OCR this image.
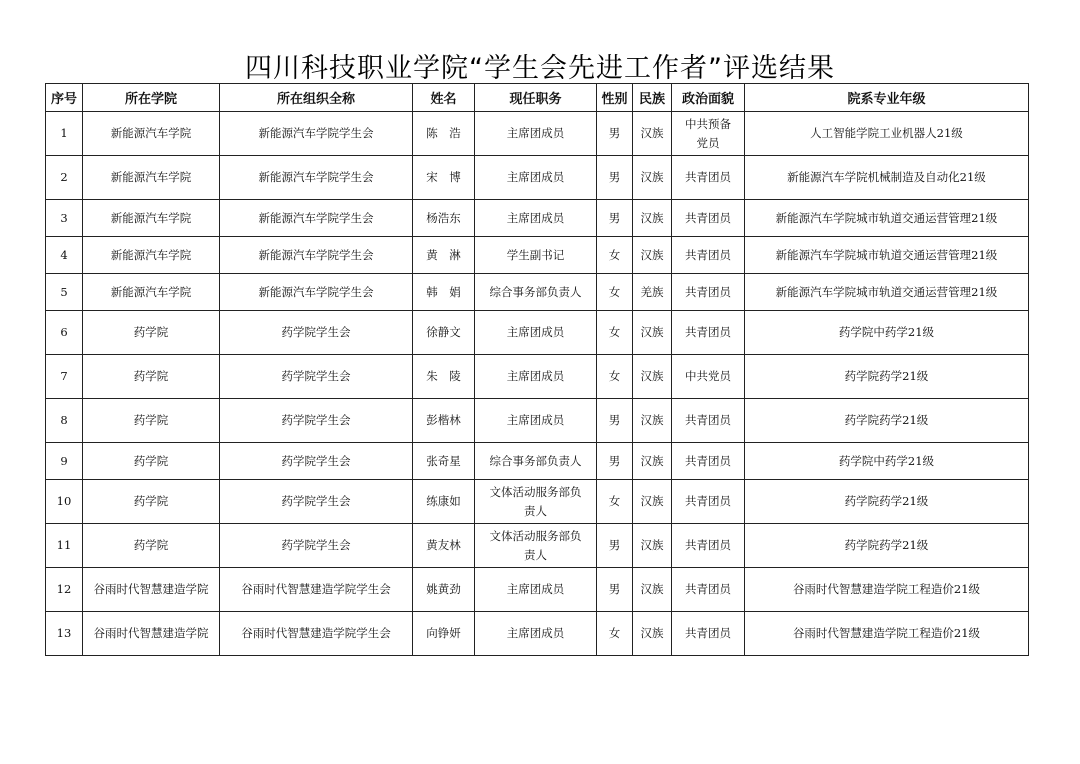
四川科技职业学院“学生会先进工作者”评选结果
序号	所在学院	所在组织全称	姓名	现任职务	性别	民族	政治面貌	院系专业年级
1	新能源汽车学院	新能源汽车学院学生会	陈　浩	主席团成员	男	汉族	中共预备党员	人工智能学院工业机器人21级
2	新能源汽车学院	新能源汽车学院学生会	宋　博	主席团成员	男	汉族	共青团员	新能源汽车学院机械制造及自动化21级
3	新能源汽车学院	新能源汽车学院学生会	杨浩东	主席团成员	男	汉族	共青团员	新能源汽车学院城市轨道交通运营管理21级
4	新能源汽车学院	新能源汽车学院学生会	黄　淋	学生副书记	女	汉族	共青团员	新能源汽车学院城市轨道交通运营管理21级
5	新能源汽车学院	新能源汽车学院学生会	韩　娟	综合事务部负责人	女	羌族	共青团员	新能源汽车学院城市轨道交通运营管理21级
6	药学院	药学院学生会	徐静文	主席团成员	女	汉族	共青团员	药学院中药学21级
7	药学院	药学院学生会	朱　陵	主席团成员	女	汉族	中共党员	药学院药学21级
8	药学院	药学院学生会	彭楷林	主席团成员	男	汉族	共青团员	药学院药学21级
9	药学院	药学院学生会	张奇星	综合事务部负责人	男	汉族	共青团员	药学院中药学21级
10	药学院	药学院学生会	练康如	文体活动服务部负责人	女	汉族	共青团员	药学院药学21级
11	药学院	药学院学生会	黄友林	文体活动服务部负责人	男	汉族	共青团员	药学院药学21级
12	谷雨时代智慧建造学院	谷雨时代智慧建造学院学生会	姚黄劲	主席团成员	男	汉族	共青团员	谷雨时代智慧建造学院工程造价21级
13	谷雨时代智慧建造学院	谷雨时代智慧建造学院学生会	向铮妍	主席团成员	女	汉族	共青团员	谷雨时代智慧建造学院工程造价21级
